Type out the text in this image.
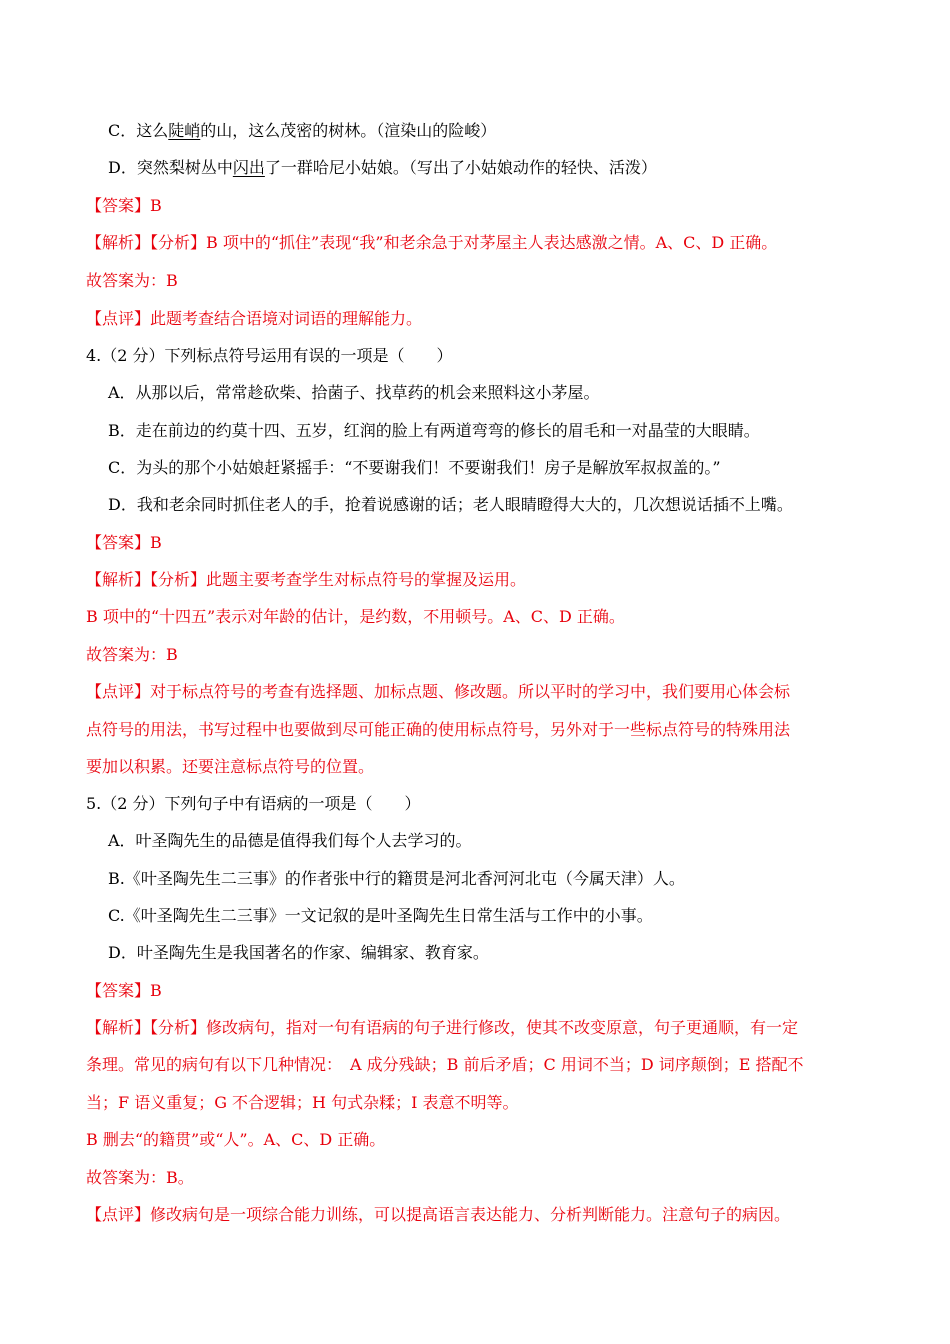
C．这么陡峭的山，这么茂密的树林。（渲染山的险峻）
D．突然梨树丛中闪出了一群哈尼小姑娘。（写出了小姑娘动作的轻快、活泼）
【答案】B
【解析】【分析】B 项中的“抓住”表现“我”和老余急于对茅屋主人表达感激之情。A、C、D 正确。
故答案为：B
【点评】此题考查结合语境对词语的理解能力。
4.（2 分）下列标点符号运用有误的一项是（　　）
A．从那以后，常常趁砍柴、拾菌子、找草药的机会来照料这小茅屋。
B．走在前边的约莫十四、五岁，红润的脸上有两道弯弯的修长的眉毛和一对晶莹的大眼睛。
C．为头的那个小姑娘赶紧摇手：“不要谢我们！不要谢我们！房子是解放军叔叔盖的。”
D．我和老余同时抓住老人的手，抢着说感谢的话；老人眼睛瞪得大大的，几次想说话插不上嘴。
【答案】B
【解析】【分析】此题主要考查学生对标点符号的掌握及运用。
B 项中的“十四五”表示对年龄的估计，是约数，不用顿号。A、C、D 正确。
故答案为：B
【点评】对于标点符号的考查有选择题、加标点题、修改题。所以平时的学习中，我们要用心体会标
点符号的用法，书写过程中也要做到尽可能正确的使用标点符号，另外对于一些标点符号的特殊用法
要加以积累。还要注意标点符号的位置。
5.（2 分）下列句子中有语病的一项是（　　）
A．叶圣陶先生的品德是值得我们每个人去学习的。
B.《叶圣陶先生二三事》的作者张中行的籍贯是河北香河河北屯（今属天津）人。
C.《叶圣陶先生二三事》一文记叙的是叶圣陶先生日常生活与工作中的小事。
D．叶圣陶先生是我国著名的作家、编辑家、教育家。
【答案】B
【解析】【分析】修改病句，指对一句有语病的句子进行修改，使其不改变原意，句子更通顺，有一定
条理。常见的病句有以下几种情况：　A 成分残缺；B 前后矛盾；C 用词不当；D 词序颠倒；E 搭配不
当；F 语义重复；G 不合逻辑；H 句式杂糅；I 表意不明等。
B 删去“的籍贯”或“人”。A、C、D 正确。
故答案为：B。
【点评】修改病句是一项综合能力训练，可以提高语言表达能力、分析判断能力。注意句子的病因。
